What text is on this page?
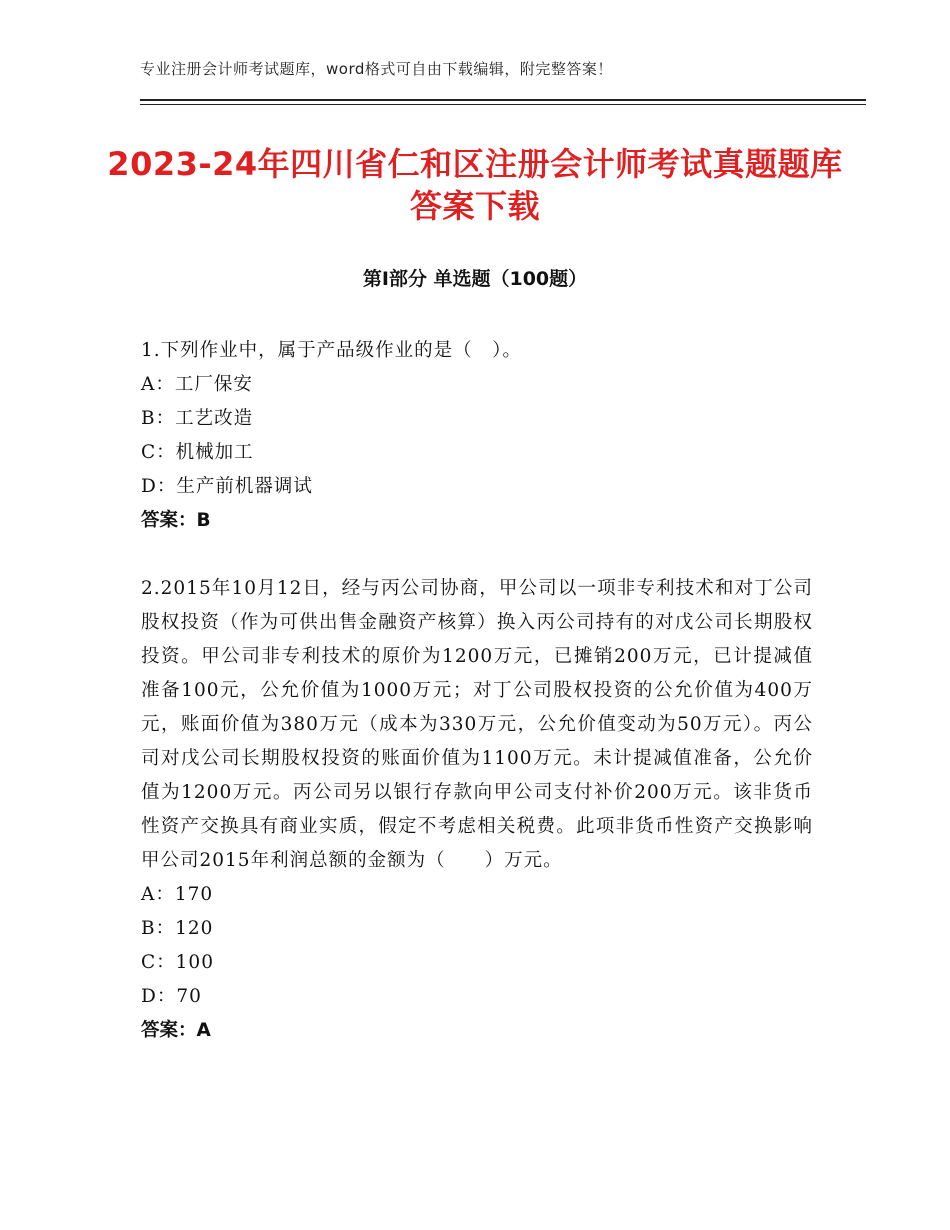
专业注册会计师考试题库，word格式可自由下载编辑，附完整答案！
2023-24年四川省仁和区注册会计师考试真题题库答案下载
第Ⅰ部分 单选题（100题）
1.下列作业中，属于产品级作业的是（　）。
A：工厂保安
B：工艺改造
C：机械加工
D：生产前机器调试
答案：B
2.2015年10月12日，经与丙公司协商，甲公司以一项非专利技术和对丁公司股权投资（作为可供出售金融资产核算）换入丙公司持有的对戊公司长期股权投资。甲公司非专利技术的原价为1200万元，已摊销200万元，已计提减值准备100元，公允价值为1000万元；对丁公司股权投资的公允价值为400万元，账面价值为380万元（成本为330万元，公允价值变动为50万元）。丙公司对戊公司长期股权投资的账面价值为1100万元。未计提减值准备，公允价值为1200万元。丙公司另以银行存款向甲公司支付补价200万元。该非货币性资产交换具有商业实质，假定不考虑相关税费。此项非货币性资产交换影响甲公司2015年利润总额的金额为（　　）万元。
A：170
B：120
C：100
D：70
答案：A
